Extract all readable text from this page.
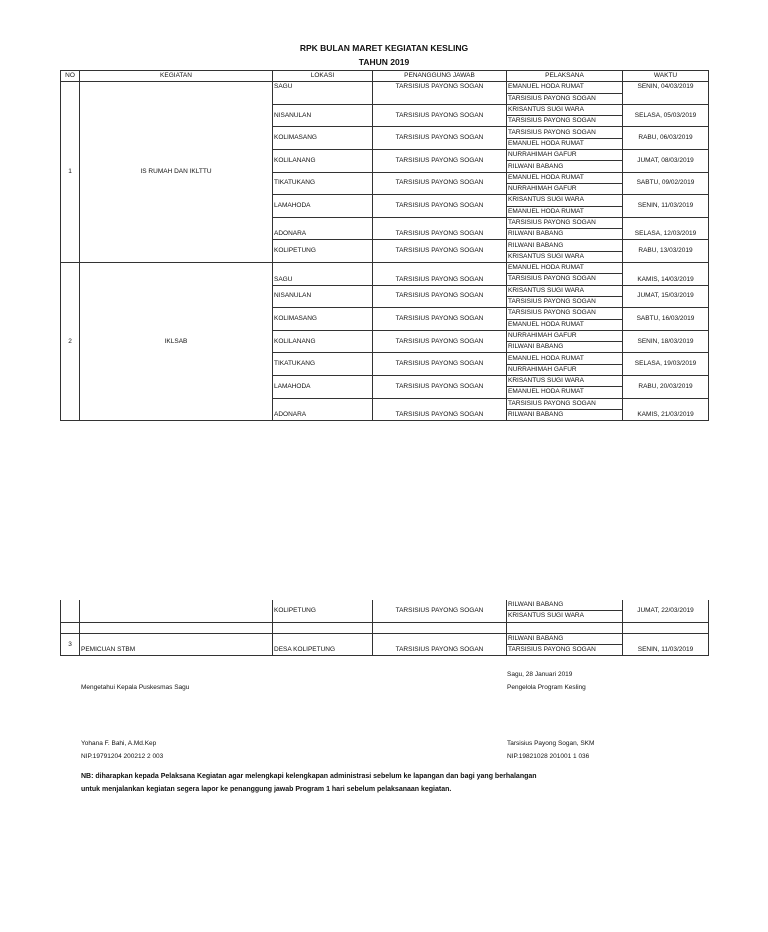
RPK BULAN MARET KEGIATAN KESLING
TAHUN 2019
NO	KEGIATAN	LOKASI	PENANGGUNG JAWAB	PELAKSANA	WAKTU
1	IS RUMAH DAN IKLTTU	SAGU	TARSISIUS PAYONG SOGAN	EMANUEL HODA RUMAT	SENIN, 04/03/2019
				TARSISIUS PAYONG SOGAN	
		NISANULAN	TARSISIUS PAYONG SOGAN	KRISANTUS SUGI WARA	SELASA, 05/03/2019
				TARSISIUS PAYONG SOGAN	
		KOLIMASANG	TARSISIUS PAYONG SOGAN	TARSISIUS PAYONG SOGAN	RABU, 06/03/2019
				EMANUEL HODA RUMAT	
		KOLILANANG	TARSISIUS PAYONG SOGAN	NURRAHIMAH GAFUR	JUMAT, 08/03/2019
				RILWANI BABANG	
		TIKATUKANG	TARSISIUS PAYONG SOGAN	EMANUEL HODA RUMAT	SABTU, 09/02/2019
				NURRAHIMAH GAFUR	
		LAMAHODA	TARSISIUS PAYONG SOGAN	KRISANTUS SUGI WARA	SENIN, 11/03/2019
				EMANUEL HODA RUMAT	
		ADONARA	TARSISIUS PAYONG SOGAN	TARSISIUS PAYONG SOGAN	SELASA, 12/03/2019
				RILWANI BABANG	
		KOLIPETUNG	TARSISIUS PAYONG SOGAN	RILWANI BABANG	RABU, 13/03/2019
				KRISANTUS SUGI WARA	
2	IKLSAB	SAGU	TARSISIUS PAYONG SOGAN	EMANUEL HODA RUMAT	KAMIS, 14/03/2019
				TARSISIUS PAYONG SOGAN	
		NISANULAN	TARSISIUS PAYONG SOGAN	KRISANTUS SUGI WARA	JUMAT, 15/03/2019
				TARSISIUS PAYONG SOGAN	
		KOLIMASANG	TARSISIUS PAYONG SOGAN	TARSISIUS PAYONG SOGAN	SABTU, 16/03/2019
				EMANUEL HODA RUMAT	
		KOLILANANG	TARSISIUS PAYONG SOGAN	NURRAHIMAH GAFUR	SENIN, 18/03/2019
				RILWANI BABANG	
		TIKATUKANG	TARSISIUS PAYONG SOGAN	EMANUEL HODA RUMAT	SELASA, 19/03/2019
				NURRAHIMAH GAFUR	
		LAMAHODA	TARSISIUS PAYONG SOGAN	KRISANTUS SUGI WARA	RABU, 20/03/2019
				EMANUEL HODA RUMAT	
		ADONARA	TARSISIUS PAYONG SOGAN	TARSISIUS PAYONG SOGAN	KAMIS, 21/03/2019
				RILWANI BABANG	
		KOLIPETUNG	TARSISIUS PAYONG SOGAN	RILWANI BABANG	JUMAT, 22/03/2019
				KRISANTUS SUGI WARA	

3	PEMICUAN STBM	DESA KOLIPETUNG	TARSISIUS PAYONG SOGAN	RILWANI BABANG	SENIN, 11/03/2019
				TARSISIUS PAYONG SOGAN	
Sagu, 28 Januari 2019
Mengetahui Kepala Puskesmas Sagu	Pengelola Program Kesling
Yohana F. Bahi, A.Md.Kep	Tarsisius Payong Sogan, SKM
NIP.19791204 200212 2 003	NIP.19821028 201001 1 036
NB: diharapkan kepada Pelaksana Kegiatan agar melengkapi kelengkapan administrasi sebelum ke lapangan dan bagi yang berhalangan
untuk menjalankan kegiatan segera lapor ke penanggung jawab Program 1 hari sebelum pelaksanaan kegiatan.
